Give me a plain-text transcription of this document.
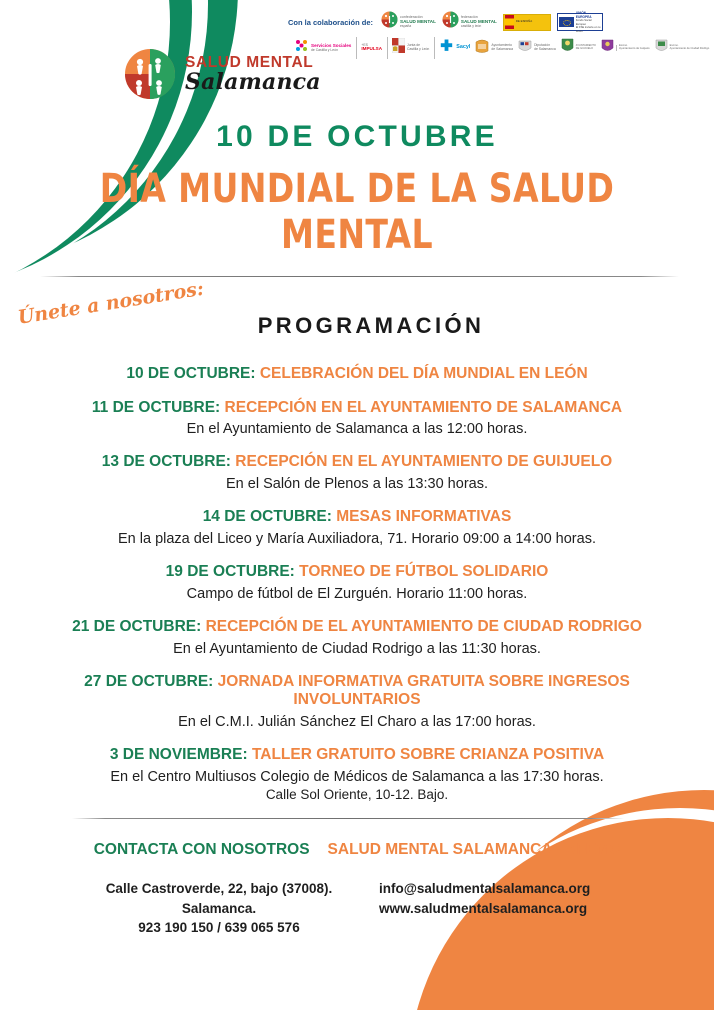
SALUD MENTAL
Salamanca
Con la colaboración de:
confederación
SALUD MENTAL
españa
federación
SALUD MENTAL
castilla y león
DE ESPAÑA
UNIÓN EUROPEA
Fondo Social Europeo
El FSE invierte en tu futuro
Servicios Sociales
de Castilla y León
+ES
IMPULSA
Junta de
Castilla y León	Sacyl	Ayuntamiento
de Salamanca
Diputación
de Salamanca
AYUNTAMIENTO
DE GUIJUELO
Excmo.
Ayuntamiento de Guijuelo
Excmo.
Ayuntamiento de Ciudad Rodrigo
10 DE OCTUBRE
DÍA MUNDIAL DE LA SALUD MENTAL
Únete a nosotros:	PROGRAMACIÓN
10 DE OCTUBRE: CELEBRACIÓN DEL DÍA MUNDIAL EN LEÓN
11 DE OCTUBRE: RECEPCIÓN EN EL AYUNTAMIENTO DE SALAMANCA
En el Ayuntamiento de Salamanca a las 12:00 horas.
13 DE OCTUBRE: RECEPCIÓN EN EL AYUNTAMIENTO DE GUIJUELO
En el Salón de Plenos a las 13:30 horas.
14 DE OCTUBRE: MESAS INFORMATIVAS
En la plaza del Liceo y María Auxiliadora, 71. Horario 09:00 a 14:00 horas.
19 DE OCTUBRE: TORNEO DE FÚTBOL SOLIDARIO
Campo de fútbol de El Zurguén. Horario 11:00 horas.
21 DE OCTUBRE: RECEPCIÓN DE EL AYUNTAMIENTO DE CIUDAD RODRIGO
En el Ayuntamiento de Ciudad Rodrigo a las 11:30 horas.
27 DE OCTUBRE: JORNADA INFORMATIVA GRATUITA SOBRE INGRESOS INVOLUNTARIOS
En el C.M.I. Julián Sánchez El Charo a las 17:00 horas.
3 DE NOVIEMBRE: TALLER GRATUITO SOBRE CRIANZA POSITIVA
En el Centro Multiusos Colegio de Médicos de Salamanca a las 17:30 horas.
Calle Sol Oriente, 10-12. Bajo.
CONTACTA CON NOSOTROS SALUD MENTAL SALAMANCA - AFEMC
Calle Castroverde, 22, bajo (37008).
Salamanca.
923 190 150 / 639 065 576
info@saludmentalsalamanca.org
www.saludmentalsalamanca.org
